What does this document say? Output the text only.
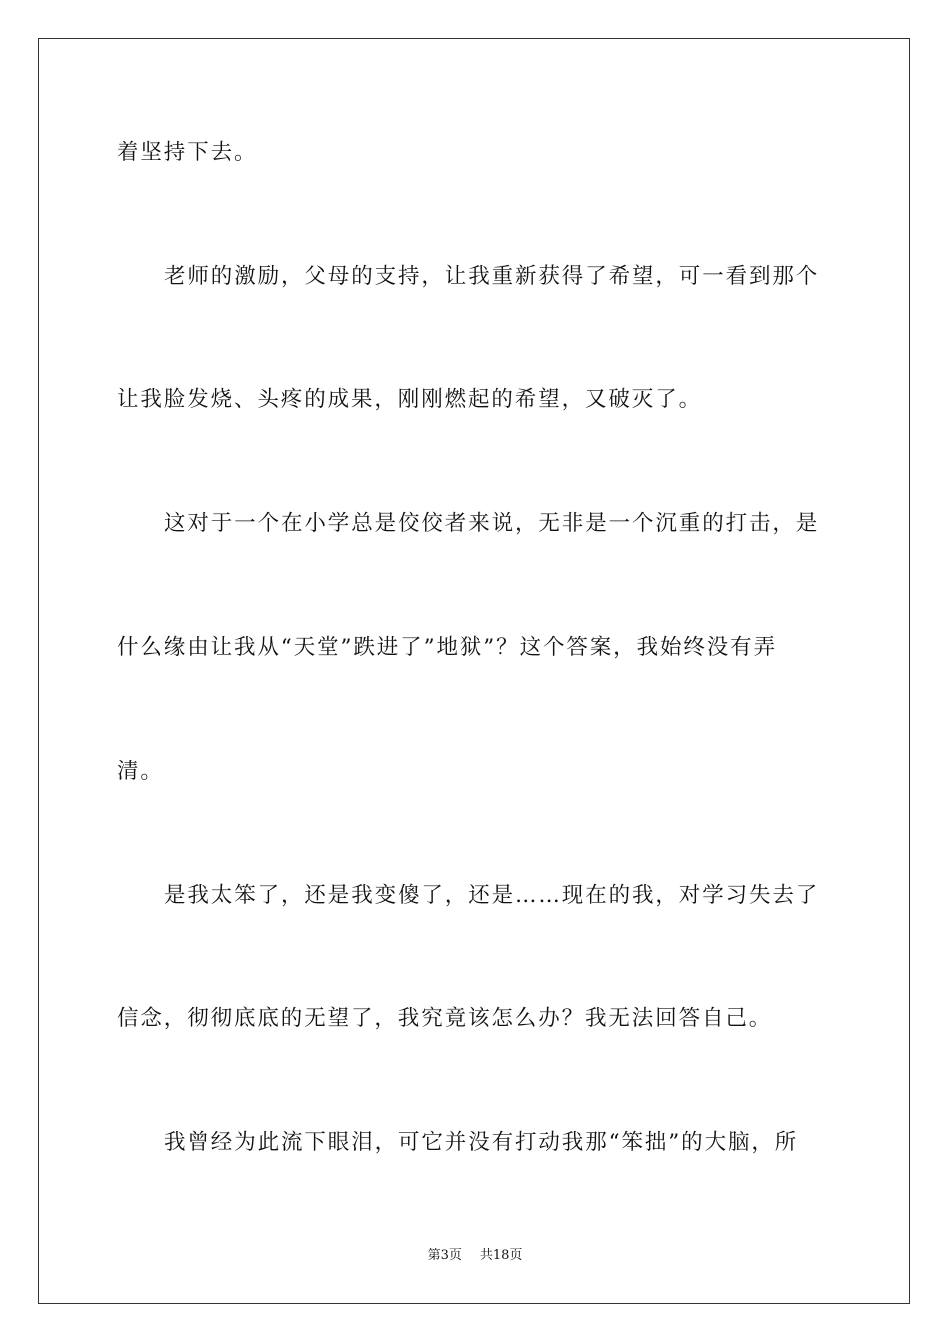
着坚持下去。
老师的激励，父母的支持，让我重新获得了希望，可一看到那个
让我脸发烧、头疼的成果，刚刚燃起的希望，又破灭了。
这对于一个在小学总是佼佼者来说，无非是一个沉重的打击，是
什么缘由让我从“天堂”跌进了”地狱”？这个答案，我始终没有弄
清。
是我太笨了，还是我变傻了，还是……现在的我，对学习失去了
信念，彻彻底底的无望了，我究竟该怎么办？我无法回答自己。
我曾经为此流下眼泪，可它并没有打动我那“笨拙”的大脑，所
第3页 共18页
